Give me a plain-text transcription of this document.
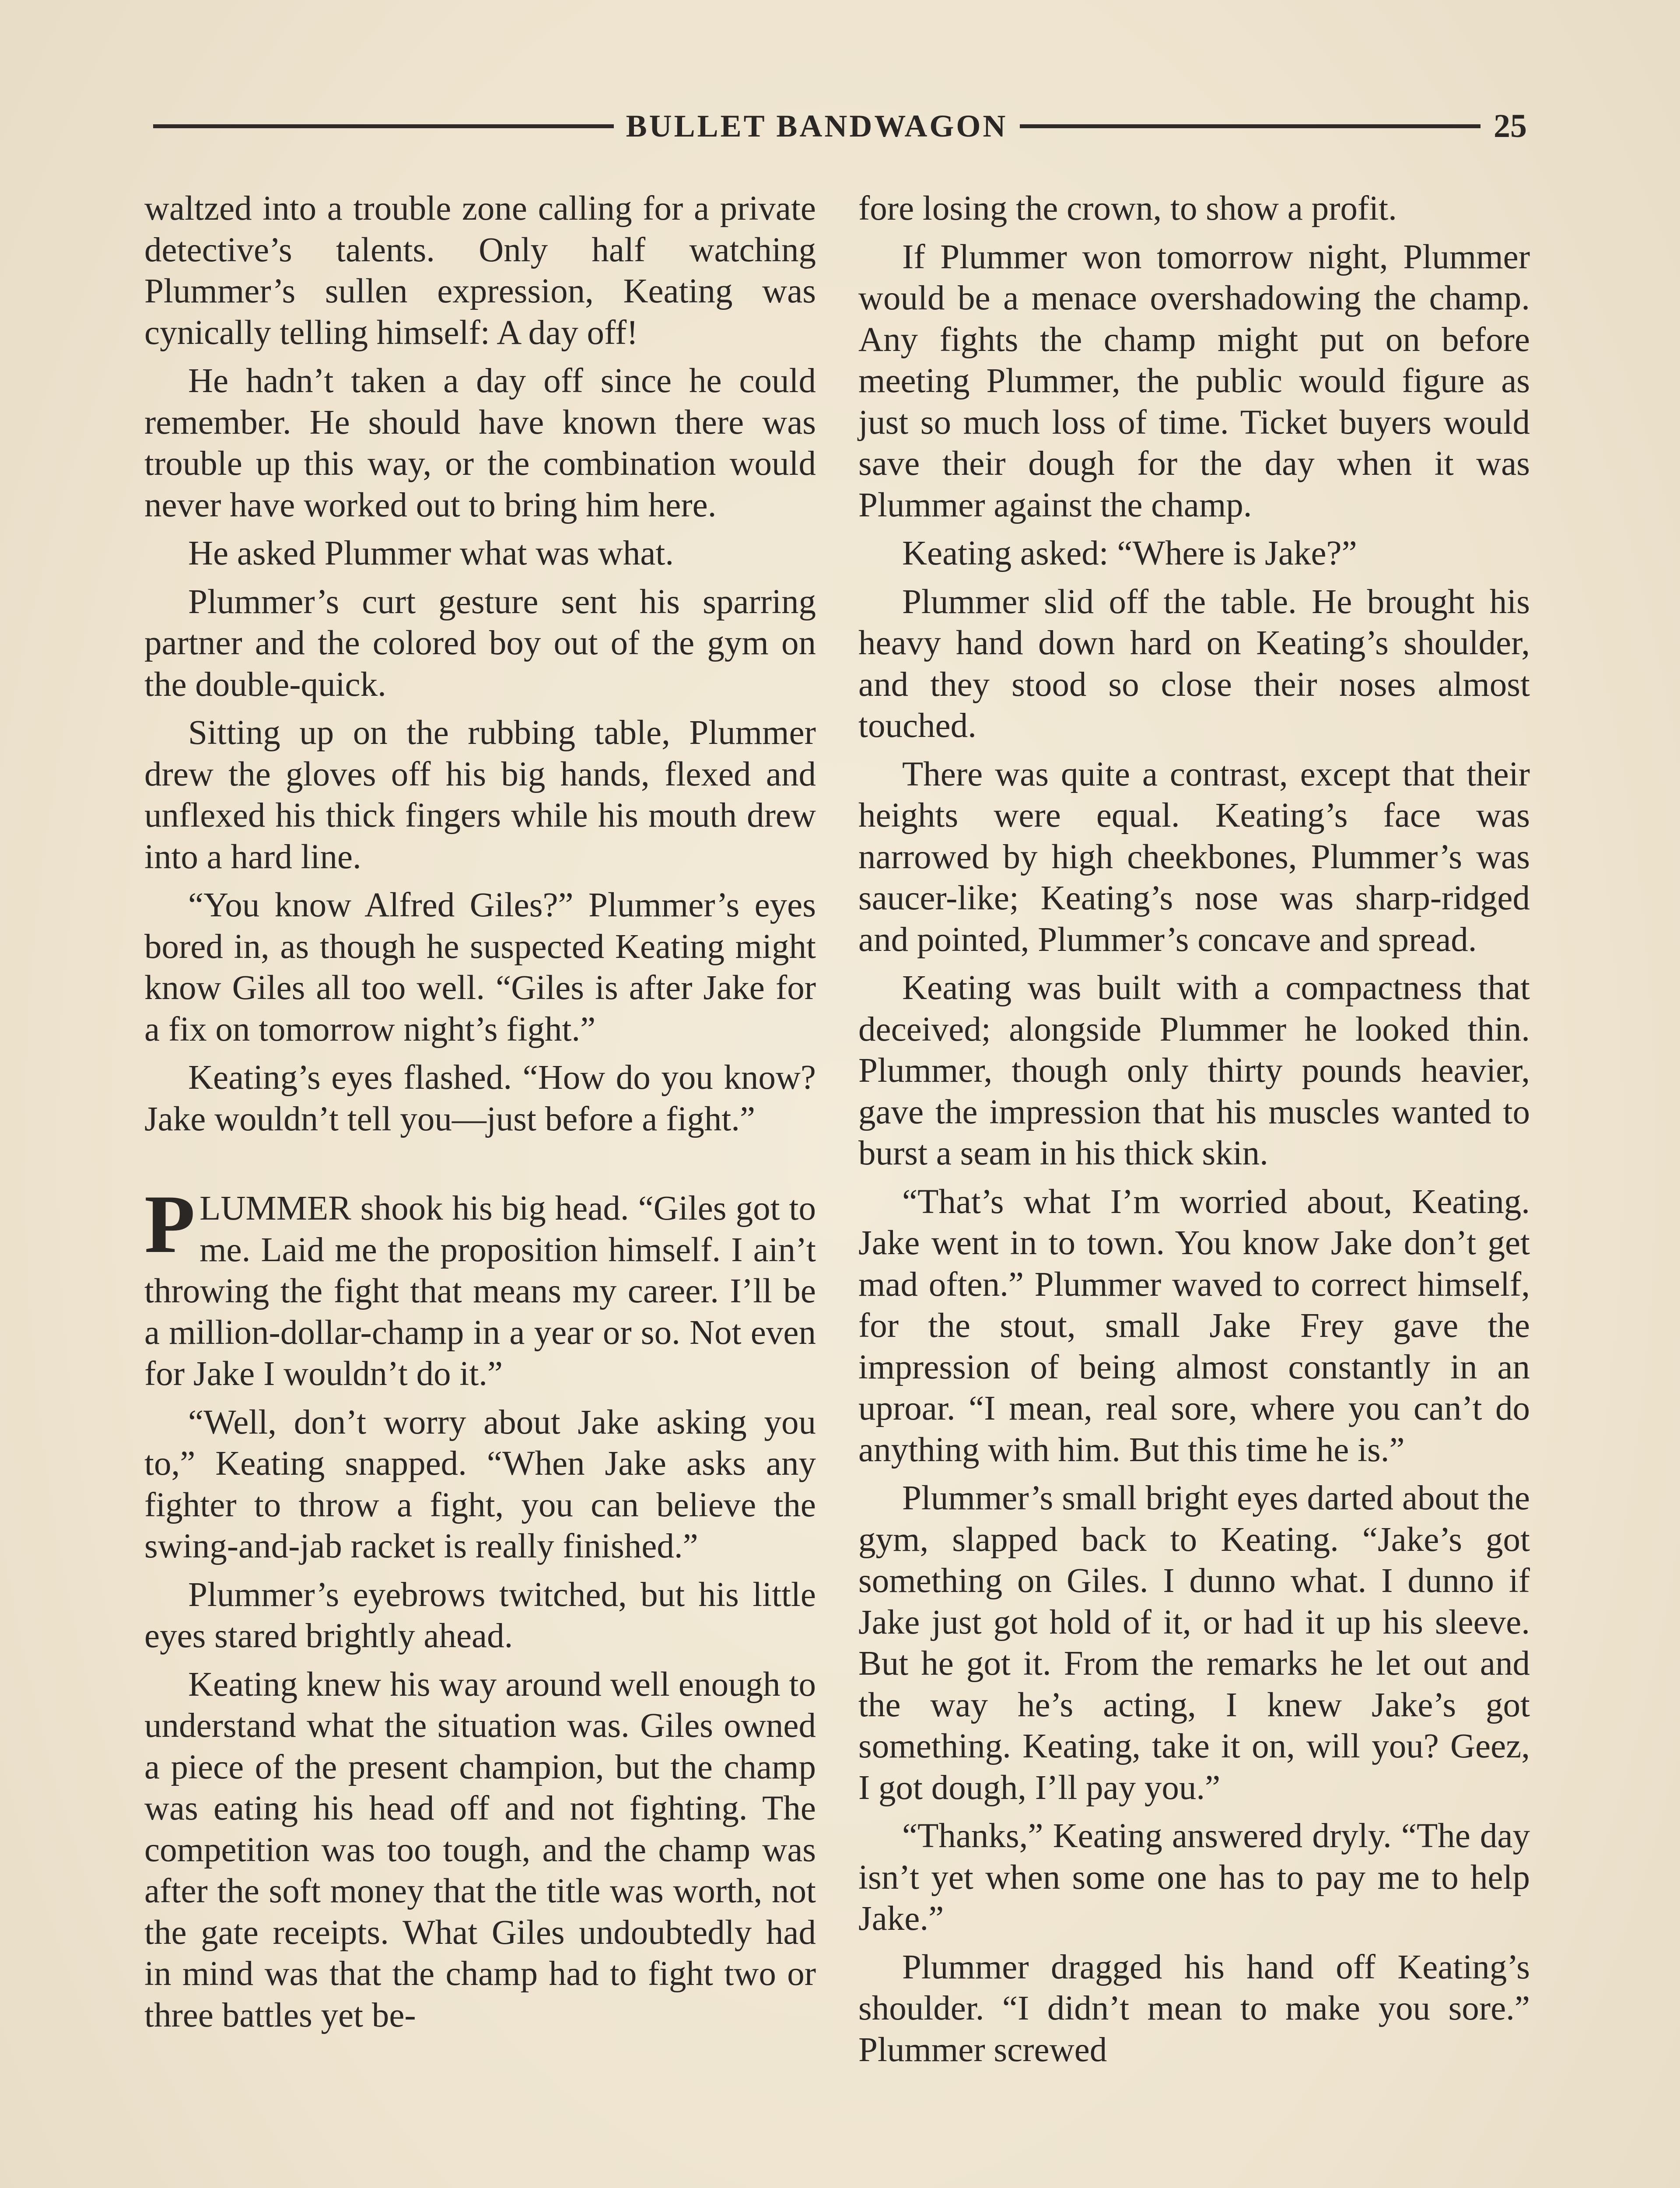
BULLET BANDWAGON	25

waltzed into a trouble zone calling for a private detective’s talents. Only half watching Plummer’s sullen expression, Keating was cynically telling himself: A day off!

He hadn’t taken a day off since he could remember. He should have known there was trouble up this way, or the combination would never have worked out to bring him here.

He asked Plummer what was what.

Plummer’s curt gesture sent his sparring partner and the colored boy out of the gym on the double-quick.

Sitting up on the rubbing table, Plummer drew the gloves off his big hands, flexed and unflexed his thick fingers while his mouth drew into a hard line.

“You know Alfred Giles?” Plummer’s eyes bored in, as though he suspected Keating might know Giles all too well. “Giles is after Jake for a fix on tomorrow night’s fight.”

Keating’s eyes flashed. “How do you know? Jake wouldn’t tell you—just before a fight.”

PLUMMER shook his big head. “Giles got to me. Laid me the proposition himself. I ain’t throwing the fight that means my career. I’ll be a million-dollar-champ in a year or so. Not even for Jake I wouldn’t do it.”

“Well, don’t worry about Jake asking you to,” Keating snapped. “When Jake asks any fighter to throw a fight, you can believe the swing-and-jab racket is really finished.”

Plummer’s eyebrows twitched, but his little eyes stared brightly ahead.

Keating knew his way around well enough to understand what the situation was. Giles owned a piece of the present champion, but the champ was eating his head off and not fighting. The competition was too tough, and the champ was after the soft money that the title was worth, not the gate receipts. What Giles undoubtedly had in mind was that the champ had to fight two or three battles yet be-

fore losing the crown, to show a profit.

If Plummer won tomorrow night, Plummer would be a menace overshadowing the champ. Any fights the champ might put on before meeting Plummer, the public would figure as just so much loss of time. Ticket buyers would save their dough for the day when it was Plummer against the champ.

Keating asked: “Where is Jake?”

Plummer slid off the table. He brought his heavy hand down hard on Keating’s shoulder, and they stood so close their noses almost touched.

There was quite a contrast, except that their heights were equal. Keating’s face was narrowed by high cheekbones, Plummer’s was saucer-like; Keating’s nose was sharp-ridged and pointed, Plummer’s concave and spread.

Keating was built with a compactness that deceived; alongside Plummer he looked thin. Plummer, though only thirty pounds heavier, gave the impression that his muscles wanted to burst a seam in his thick skin.

“That’s what I’m worried about, Keating. Jake went in to town. You know Jake don’t get mad often.” Plummer waved to correct himself, for the stout, small Jake Frey gave the impression of being almost constantly in an uproar. “I mean, real sore, where you can’t do anything with him. But this time he is.”

Plummer’s small bright eyes darted about the gym, slapped back to Keating. “Jake’s got something on Giles. I dunno what. I dunno if Jake just got hold of it, or had it up his sleeve. But he got it. From the remarks he let out and the way he’s acting, I knew Jake’s got something. Keating, take it on, will you? Geez, I got dough, I’ll pay you.”

“Thanks,” Keating answered dryly. “The day isn’t yet when some one has to pay me to help Jake.”

Plummer dragged his hand off Keating’s shoulder. “I didn’t mean to make you sore.” Plummer screwed
